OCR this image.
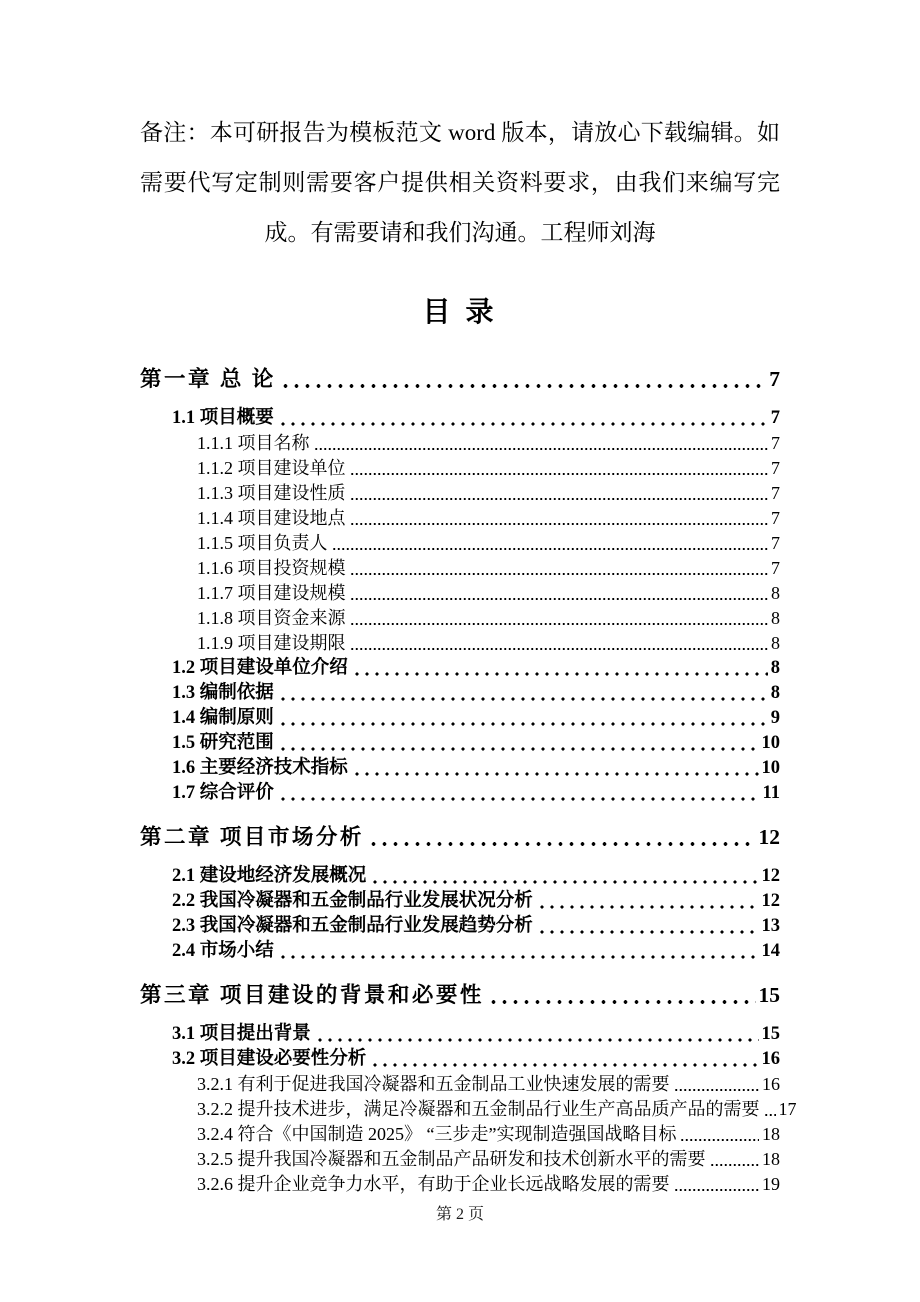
备注：本可研报告为模板范文 word 版本，请放心下载编辑。如需要代写定制则需要客户提供相关资料要求，由我们来编写完成。有需要请和我们沟通。工程师刘海

目 录
第一章 总 论	7
1.1 项目概要	7
1.1.1 项目名称	7
1.1.2 项目建设单位	7
1.1.3 项目建设性质	7
1.1.4 项目建设地点	7
1.1.5 项目负责人	7
1.1.6 项目投资规模	7
1.1.7 项目建设规模	8
1.1.8 项目资金来源	8
1.1.9 项目建设期限	8
1.2 项目建设单位介绍	8
1.3 编制依据	8
1.4 编制原则	9
1.5 研究范围	10
1.6 主要经济技术指标	10
1.7 综合评价	11
第二章 项目市场分析	12
2.1 建设地经济发展概况	12
2.2 我国冷凝器和五金制品行业发展状况分析	12
2.3 我国冷凝器和五金制品行业发展趋势分析	13
2.4 市场小结	14
第三章 项目建设的背景和必要性	15
3.1 项目提出背景	15
3.2 项目建设必要性分析	16
3.2.1 有利于促进我国冷凝器和五金制品工业快速发展的需要	16
3.2.2 提升技术进步，满足冷凝器和五金制品行业生产高品质产品的需要 17
3.2.4 符合《中国制造 2025》 “三步走”实现制造强国战略目标	18
3.2.5 提升我国冷凝器和五金制品产品研发和技术创新水平的需要	18
3.2.6 提升企业竞争力水平，有助于企业长远战略发展的需要	19
第 2 页
